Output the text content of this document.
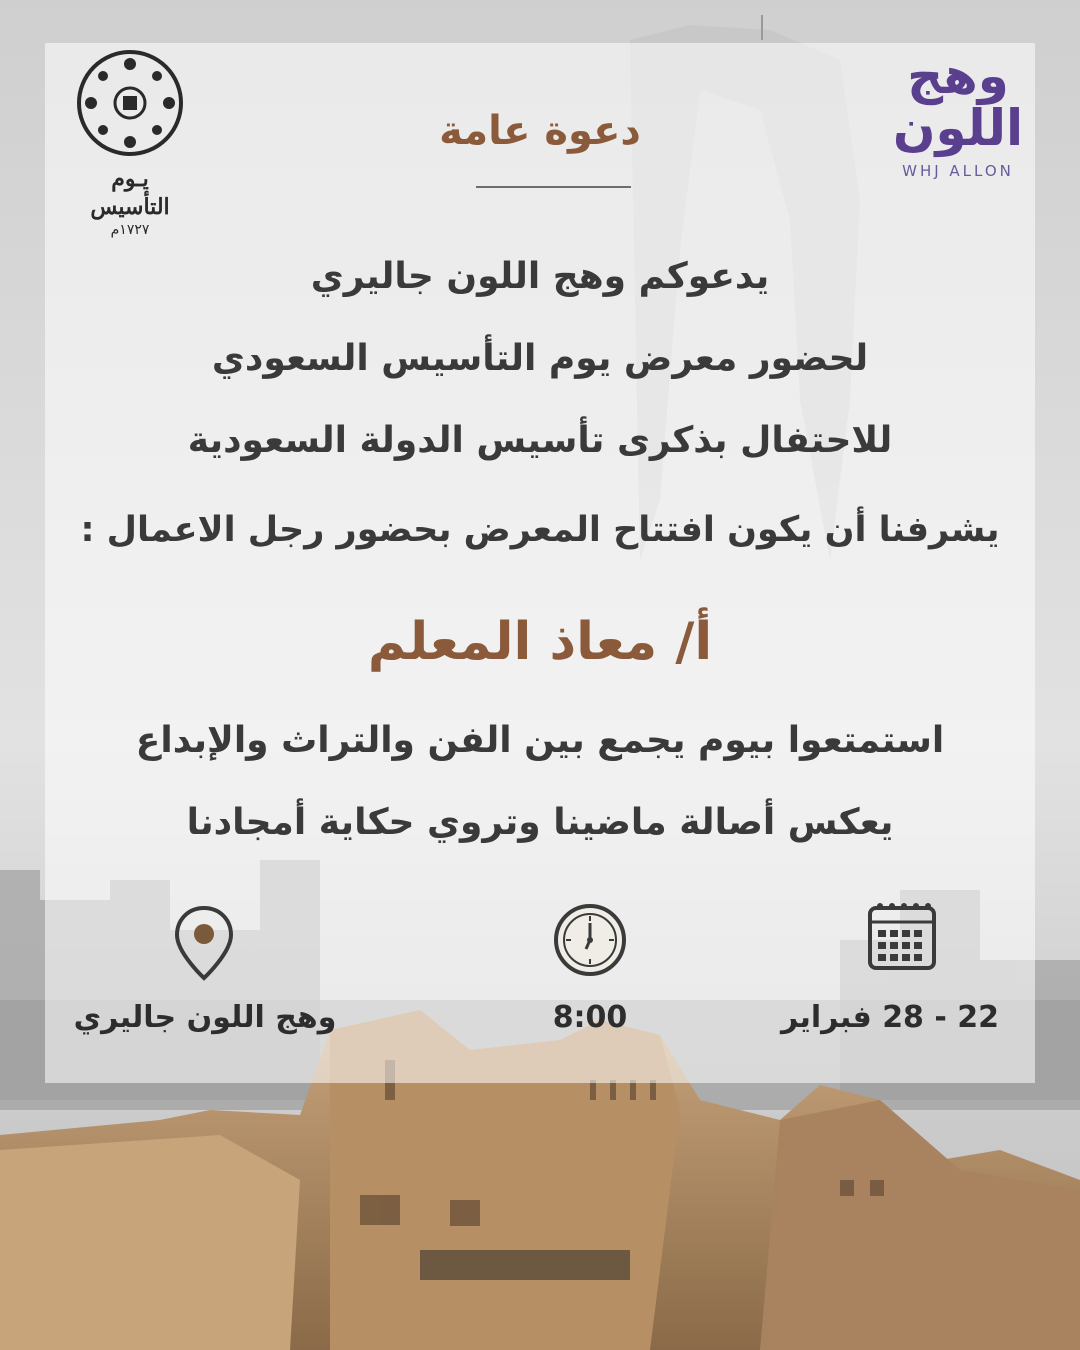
يـوم
التأسيس
١٧٢٧م
وهج اللون
WHJ ALLON
دعوة عامة
يدعوكم وهج اللون جاليري
لحضور معرض يوم التأسيس السعودي
للاحتفال بذكرى تأسيس الدولة السعودية
يشرفنا أن يكون افتتاح المعرض بحضور رجل الاعمال :
أ/ معاذ المعلم
استمتعوا بيوم يجمع بين الفن والتراث والإبداع
يعكس أصالة ماضينا وتروي حكاية أمجادنا
وهج اللون جاليري	8:00	22 - 28 فبراير
